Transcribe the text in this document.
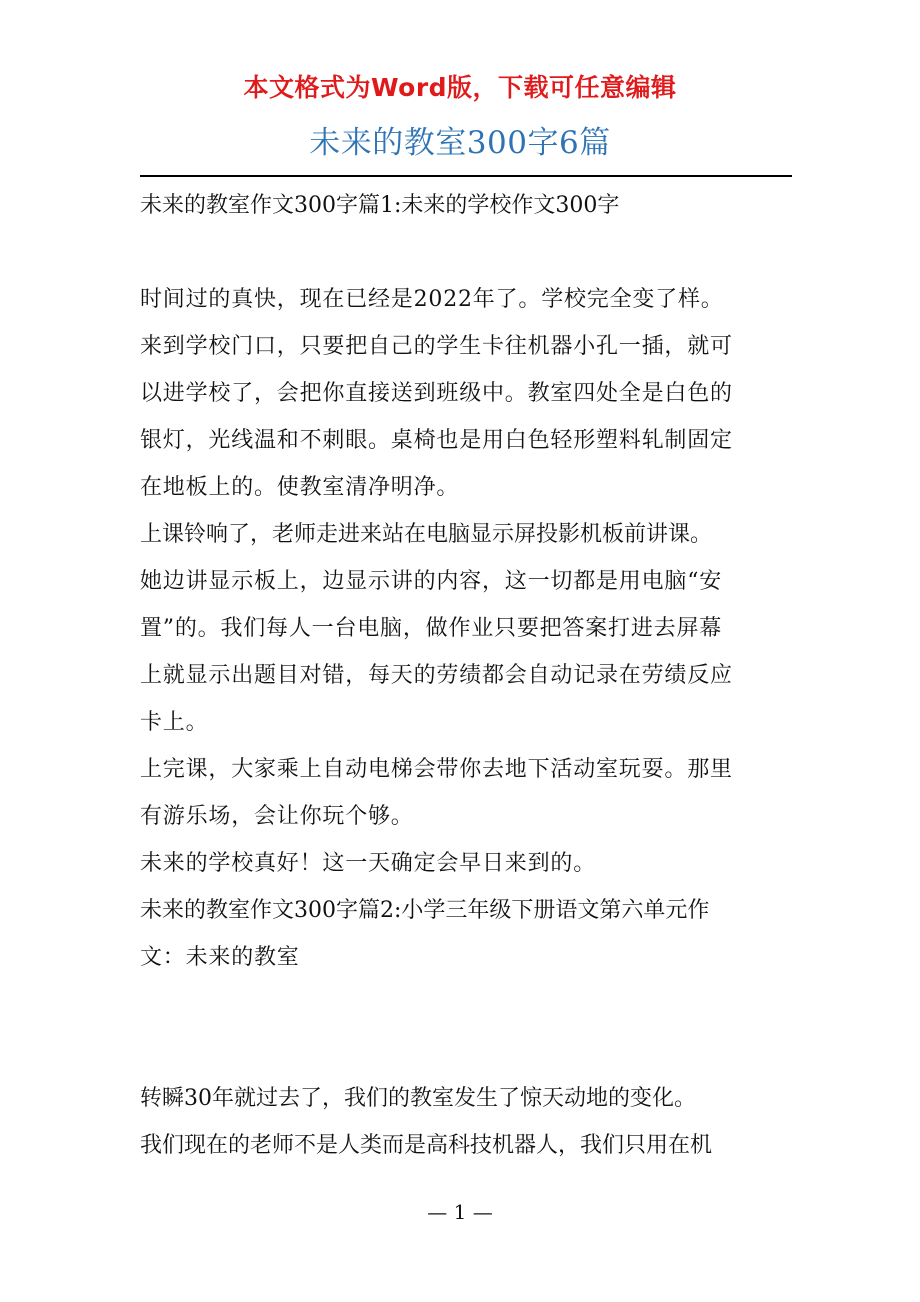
本文格式为Word版，下载可任意编辑
未来的教室300字6篇
未来的教室作文300字篇1:未来的学校作文300字
时间过的真快，现在已经是2022年了。学校完全变了样。
来到学校门口，只要把自己的学生卡往机器小孔一插，就可
以进学校了，会把你直接送到班级中。教室四处全是白色的
银灯，光线温和不刺眼。桌椅也是用白色轻形塑料轧制固定
在地板上的。使教室清净明净。
上课铃响了，老师走进来站在电脑显示屏投影机板前讲课。
她边讲显示板上，边显示讲的内容，这一切都是用电脑“安
置”的。我们每人一台电脑，做作业只要把答案打进去屏幕
上就显示出题目对错，每天的劳绩都会自动记录在劳绩反应
卡上。
上完课，大家乘上自动电梯会带你去地下活动室玩耍。那里
有游乐场，会让你玩个够。
未来的学校真好！这一天确定会早日来到的。
未来的教室作文300字篇2:小学三年级下册语文第六单元作
文：未来的教室
转瞬30年就过去了，我们的教室发生了惊天动地的变化。
我们现在的老师不是人类而是高科技机器人，我们只用在机
— 1 —
